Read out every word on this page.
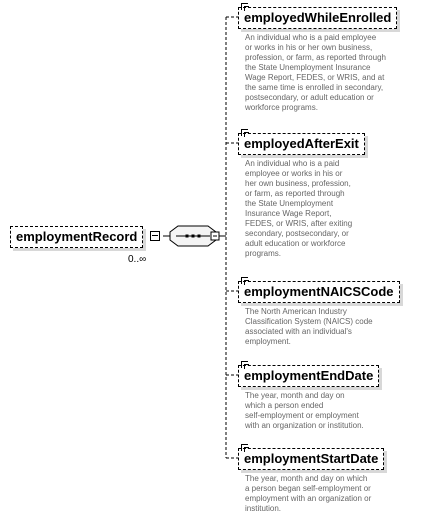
employmentRecord
0..∞
employedWhileEnrolled
An individual who is a paid employee
or works in his or her own business,
profession, or farm, as reported through
the State Unemployment Insurance
Wage Report, FEDES, or WRIS, and at
the same time is enrolled in secondary,
postsecondary, or adult education or
workforce programs.
employedAfterExit
An individual who is a paid
employee or works in his or
her own business, profession,
or farm, as reported through
the State Unemployment
Insurance Wage Report,
FEDES, or WRIS, after exiting
secondary, postsecondary, or
adult education or workforce
programs.
employmentNAICSCode
The North American Industry
Classification System (NAICS) code
associated with an individual's
employment.
employmentEndDate
The year, month and day on
which a person ended
self-employment or employment
with an organization or institution.
employmentStartDate
The year, month and day on which
a person began self-employment or
employment with an organization or
institution.
